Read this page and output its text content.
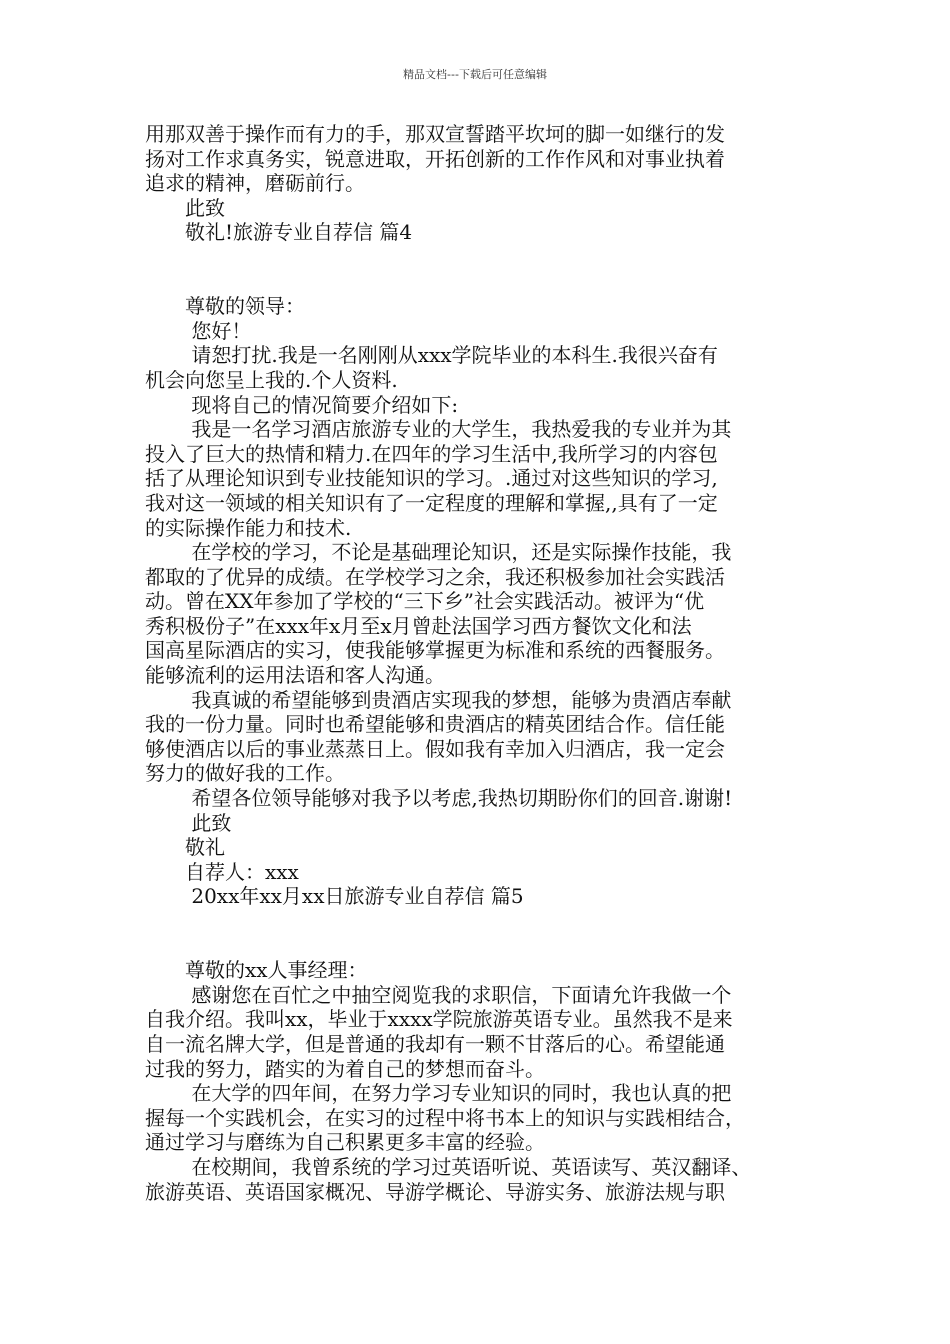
精品文档---下载后可任意编辑
用那双善于操作而有力的手，那双宣誓踏平坎坷的脚一如继行的发
扬对工作求真务实，锐意进取，开拓创新的工作作风和对事业执着
追求的精神，磨砺前行。
　　此致
　　敬礼!旅游专业自荐信 篇4
　　尊敬的领导：
　　 您好！
　　 请恕打扰.我是一名刚刚从xxx学院毕业的本科生.我很兴奋有
机会向您呈上我的.个人资料.
　　 现将自己的情况简要介绍如下:
　　 我是一名学习酒店旅游专业的大学生，我热爱我的专业并为其
投入了巨大的热情和精力.在四年的学习生活中,我所学习的内容包
括了从理论知识到专业技能知识的学习。.通过对这些知识的学习,
我对这一领域的相关知识有了一定程度的理解和掌握,,具有了一定
的实际操作能力和技术.
　　 在学校的学习，不论是基础理论知识，还是实际操作技能，我
都取的了优异的成绩。在学校学习之余，我还积极参加社会实践活
动。曾在XX年参加了学校的“三下乡”社会实践活动。被评为“优
秀积极份子”在xxx年x月至x月曾赴法国学习西方餐饮文化和法
国高星际酒店的实习，使我能够掌握更为标准和系统的西餐服务。
能够流利的运用法语和客人沟通。
　　 我真诚的希望能够到贵酒店实现我的梦想，能够为贵酒店奉献
我的一份力量。同时也希望能够和贵酒店的精英团结合作。信任能
够使酒店以后的事业蒸蒸日上。假如我有幸加入归酒店，我一定会
努力的做好我的工作。
　　 希望各位领导能够对我予以考虑,我热切期盼你们的回音.谢谢!
　　 此致
　　敬礼
　　自荐人：xxx
　　 20xx年xx月xx日旅游专业自荐信 篇5
　　尊敬的xx人事经理：
　　 感谢您在百忙之中抽空阅览我的求职信，下面请允许我做一个
自我介绍。我叫xx，毕业于xxxx学院旅游英语专业。虽然我不是来
自一流名牌大学，但是普通的我却有一颗不甘落后的心。希望能通
过我的努力，踏实的为着自己的梦想而奋斗。
　　 在大学的四年间，在努力学习专业知识的同时，我也认真的把
握每一个实践机会，在实习的过程中将书本上的知识与实践相结合，
通过学习与磨练为自己积累更多丰富的经验。
　　 在校期间，我曾系统的学习过英语听说、英语读写、英汉翻译、
旅游英语、英语国家概况、导游学概论、导游实务、旅游法规与职
